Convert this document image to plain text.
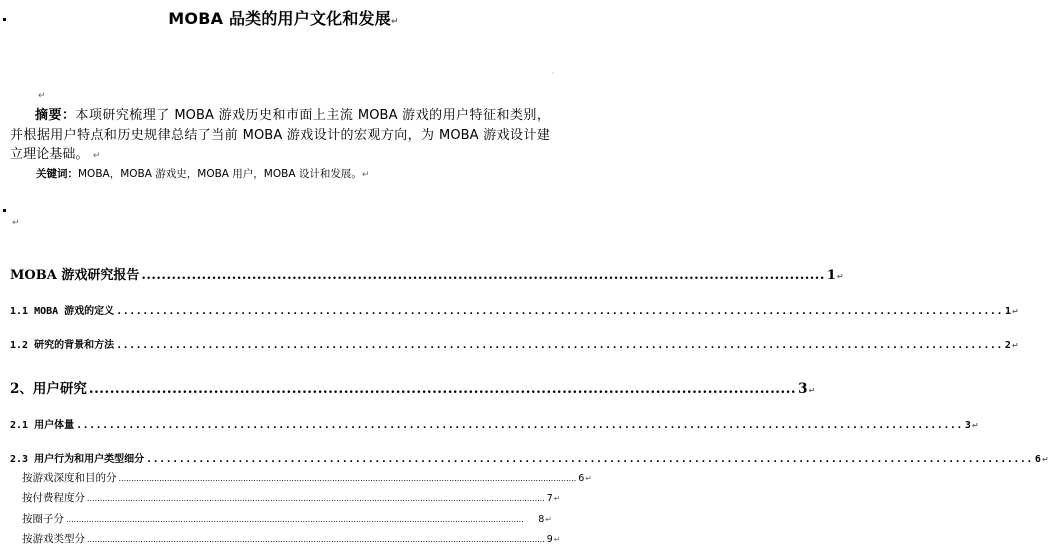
MOBA 品类的用户文化和发展↵
'
↵
摘要：本项研究梳理了 MOBA 游戏历史和市面上主流 MOBA 游戏的用户特征和类别，并根据用户特点和历史规律总结了当前 MOBA 游戏设计的宏观方向，为 MOBA 游戏设计建立理论基础。 ↵
关键词：MOBA，MOBA 游戏史，MOBA 用户，MOBA 设计和发展。↵
↵
MOBA 游戏研究报告 ........................................................................................................................................ 1 ↵
1.1 MOBA 游戏的定义 ........................................................................................................................................ 1 ↵
1.2 研究的背景和方法 ........................................................................................................................................ 2 ↵
2、用户研究 ........................................................................................................................................ 3 ↵
2.1 用户体量 ........................................................................................................................................ 3 ↵
2.3 用户行为和用户类型细分 ........................................................................................................................................ 6 ↵
按游戏深度和目的分 .................................................................................................................................................................................... 6 ↵
按付费程度分 .................................................................................................................................................................................... 7 ↵
按圈子分 ....................................................................................................................................................................................	8 ↵
按游戏类型分 .................................................................................................................................................................................... 9 ↵
